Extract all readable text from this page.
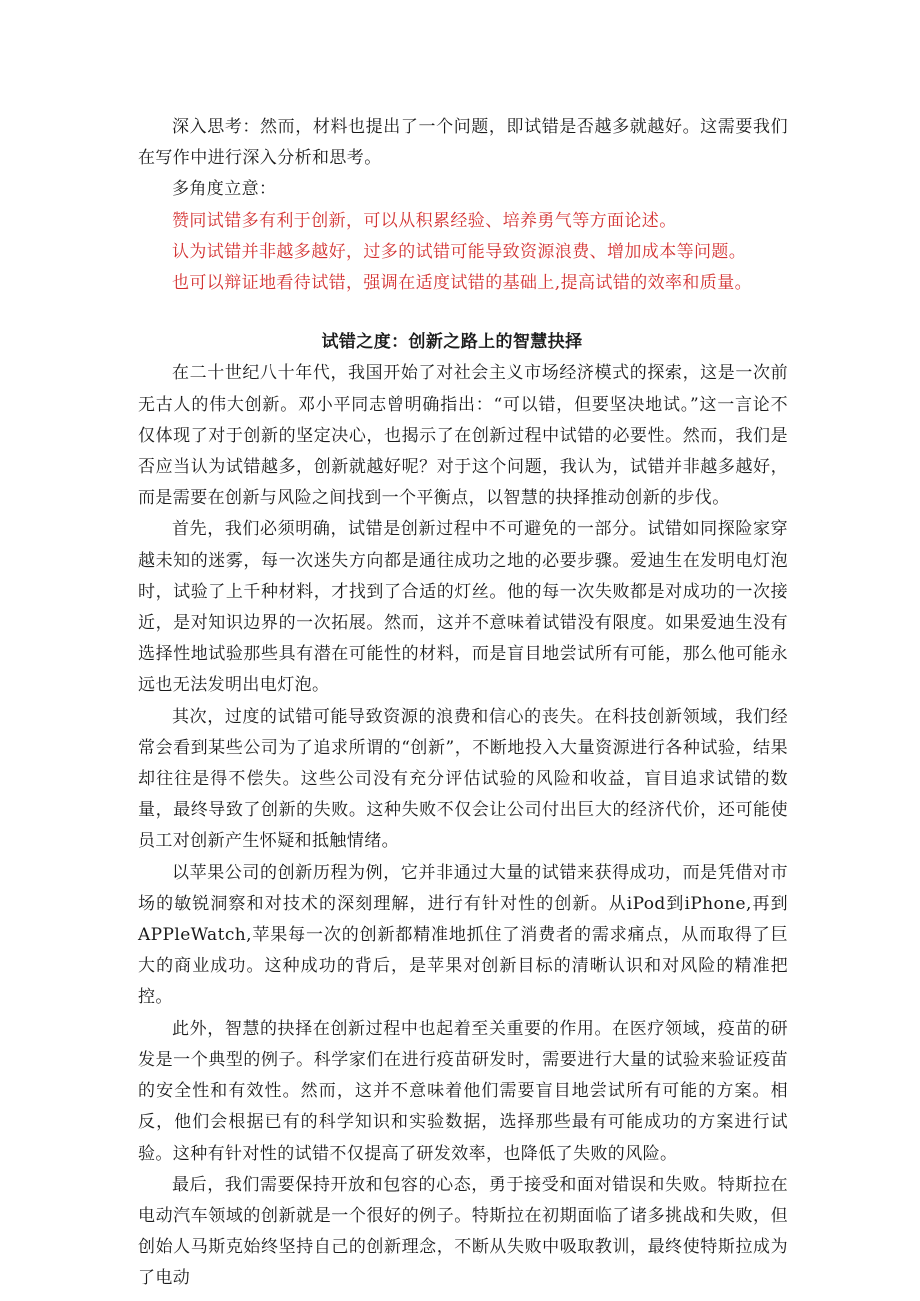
深入思考：然而，材料也提出了一个问题，即试错是否越多就越好。这需要我们在写作中进行深入分析和思考。

多角度立意：

赞同试错多有利于创新，可以从积累经验、培养勇气等方面论述。

认为试错并非越多越好，过多的试错可能导致资源浪费、增加成本等问题。

也可以辩证地看待试错，强调在适度试错的基础上,提高试错的效率和质量。

试错之度：创新之路上的智慧抉择

在二十世纪八十年代，我国开始了对社会主义市场经济模式的探索，这是一次前无古人的伟大创新。邓小平同志曾明确指出：“可以错，但要坚决地试。”这一言论不仅体现了对于创新的坚定决心，也揭示了在创新过程中试错的必要性。然而，我们是否应当认为试错越多，创新就越好呢？对于这个问题，我认为，试错并非越多越好，而是需要在创新与风险之间找到一个平衡点，以智慧的抉择推动创新的步伐。

首先，我们必须明确，试错是创新过程中不可避免的一部分。试错如同探险家穿越未知的迷雾，每一次迷失方向都是通往成功之地的必要步骤。爱迪生在发明电灯泡时，试验了上千种材料，才找到了合适的灯丝。他的每一次失败都是对成功的一次接近，是对知识边界的一次拓展。然而，这并不意味着试错没有限度。如果爱迪生没有选择性地试验那些具有潜在可能性的材料，而是盲目地尝试所有可能，那么他可能永远也无法发明出电灯泡。

其次，过度的试错可能导致资源的浪费和信心的丧失。在科技创新领域，我们经常会看到某些公司为了追求所谓的“创新”，不断地投入大量资源进行各种试验，结果却往往是得不偿失。这些公司没有充分评估试验的风险和收益，盲目追求试错的数量，最终导致了创新的失败。这种失败不仅会让公司付出巨大的经济代价，还可能使员工对创新产生怀疑和抵触情绪。

以苹果公司的创新历程为例，它并非通过大量的试错来获得成功，而是凭借对市场的敏锐洞察和对技术的深刻理解，进行有针对性的创新。从iPod到iPhone,再到APPleWatch,苹果每一次的创新都精准地抓住了消费者的需求痛点，从而取得了巨大的商业成功。这种成功的背后，是苹果对创新目标的清晰认识和对风险的精准把控。

此外，智慧的抉择在创新过程中也起着至关重要的作用。在医疗领域，疫苗的研发是一个典型的例子。科学家们在进行疫苗研发时，需要进行大量的试验来验证疫苗的安全性和有效性。然而，这并不意味着他们需要盲目地尝试所有可能的方案。相反，他们会根据已有的科学知识和实验数据，选择那些最有可能成功的方案进行试验。这种有针对性的试错不仅提高了研发效率，也降低了失败的风险。

最后，我们需要保持开放和包容的心态，勇于接受和面对错误和失败。特斯拉在电动汽车领域的创新就是一个很好的例子。特斯拉在初期面临了诸多挑战和失败，但创始人马斯克始终坚持自己的创新理念，不断从失败中吸取教训，最终使特斯拉成为了电动
